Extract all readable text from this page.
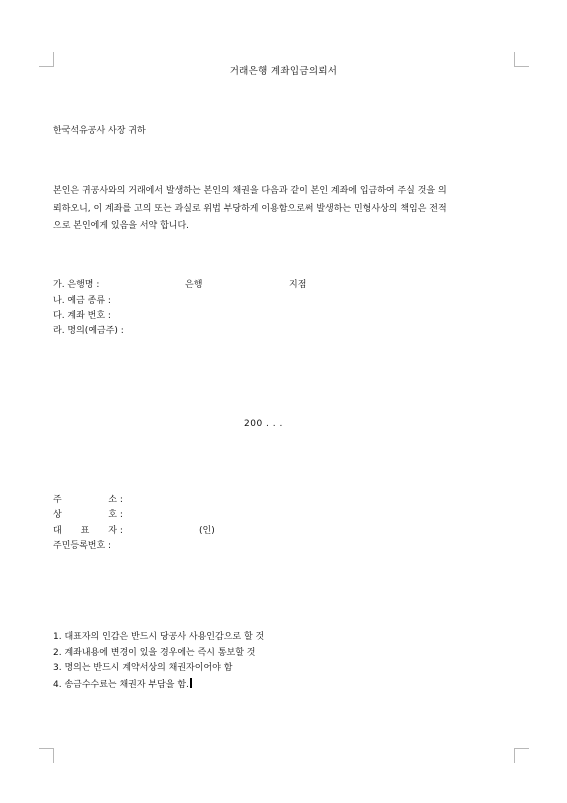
거래은행 계좌입금의뢰서
한국석유공사 사장 귀하
본인은 귀공사와의 거래에서 발생하는 본인의 채권을 다음과 같이 본인 계좌에 입금하여 주실 것을 의
뢰하오니, 이 계좌를 고의 또는 과실로 위법 부당하게 이용함으로써 발생하는 민형사상의 책임은 전적
으로 본인에게 있음을 서약 합니다.
가. 은행명 :	은행	지점
나. 예금 종류 :
다. 계좌 번호 :
라. 명의(예금주) :
200 . . .
주 소 :
상 호 :
대 표 자 :	(인)
주민등록번호 :
1. 대표자의 인감은 반드시 당공사 사용인감으로 할 것
2. 계좌내용에 변경이 있을 경우에는 즉시 통보할 것
3. 명의는 반드시 계약서상의 채권자이어야 함
4. 송금수수료는 채권자 부담을 함.
